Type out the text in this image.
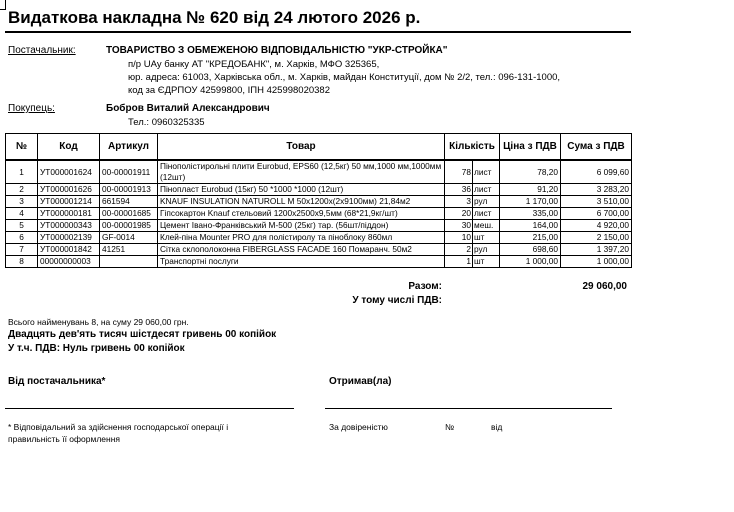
Видаткова накладна № 620 від 24 лютого 2026 р.
Постачальник:	ТОВАРИСТВО З ОБМЕЖЕНОЮ ВІДПОВІДАЛЬНІСТЮ "УКР-СТРОЙКА"
п/р UAу банку АТ "КРЕДОБАНК", м. Харків, МФО 325365,
юр. адреса: 61003, Харківська обл., м. Харків, майдан Конституції, дом № 2/2, тел.: 096-131-1000,
код за ЄДРПОУ 42599800, ІПН 425998020382
Покупець:	Бобров Виталий Александрович
Тел.: 0960325335
№	Код	Артикул	Товар	Кількість		Ціна з ПДВ	Сума з ПДВ
1	УТ000001624	00-00001911	Пінополістирольні плити Eurobud, EPS60 (12,5кг) 50 мм,1000 мм,1000мм (12шт)	78	лист	78,20	6 099,60
2	УТ000001626	00-00001913	Пінопласт Eurobud (15кг) 50 *1000 *1000 (12шт)	36	лист	91,20	3 283,20
3	УТ000001214	661594	KNAUF INSULATION NATUROLL M 50x1200x(2x9100мм) 21,84м2	3	рул	1 170,00	3 510,00
4	УТ000000181	00-00001685	Гіпсокартон Knauf стельовий 1200х2500х9,5мм (68*21,9кг/шт)	20	лист	335,00	6 700,00
5	УТ000000343	00-00001985	Цемент Івано-Франківський М-500 (25кг) тар. (56шт/піддон)	30	меш.	164,00	4 920,00
6	УТ000002139	GF-0014	Клей-піна Mounter PRO для полістиролу та піноблоку 860мл	10	шт	215,00	2 150,00
7	УТ000001842	41251	Сітка склополоконна FIBERGLASS FACADE 160 Помаранч. 50м2	2	рул	698,60	1 397,20
8	00000000003		Транспортні послуги	1	шт	1 000,00	1 000,00
Разом:	29 060,00
У тому числі ПДВ:
Всього найменувань 8, на суму 29 060,00 грн.
Двадцять дев'ять тисяч шістдесят гривень 00 копійок
У т.ч. ПДВ: Нуль гривень 00 копійок
Від постачальника*	Отримав(ла)
* Відповідальний за здійснення господарської операції і
правильність її оформлення
За довіреністю	№	від
